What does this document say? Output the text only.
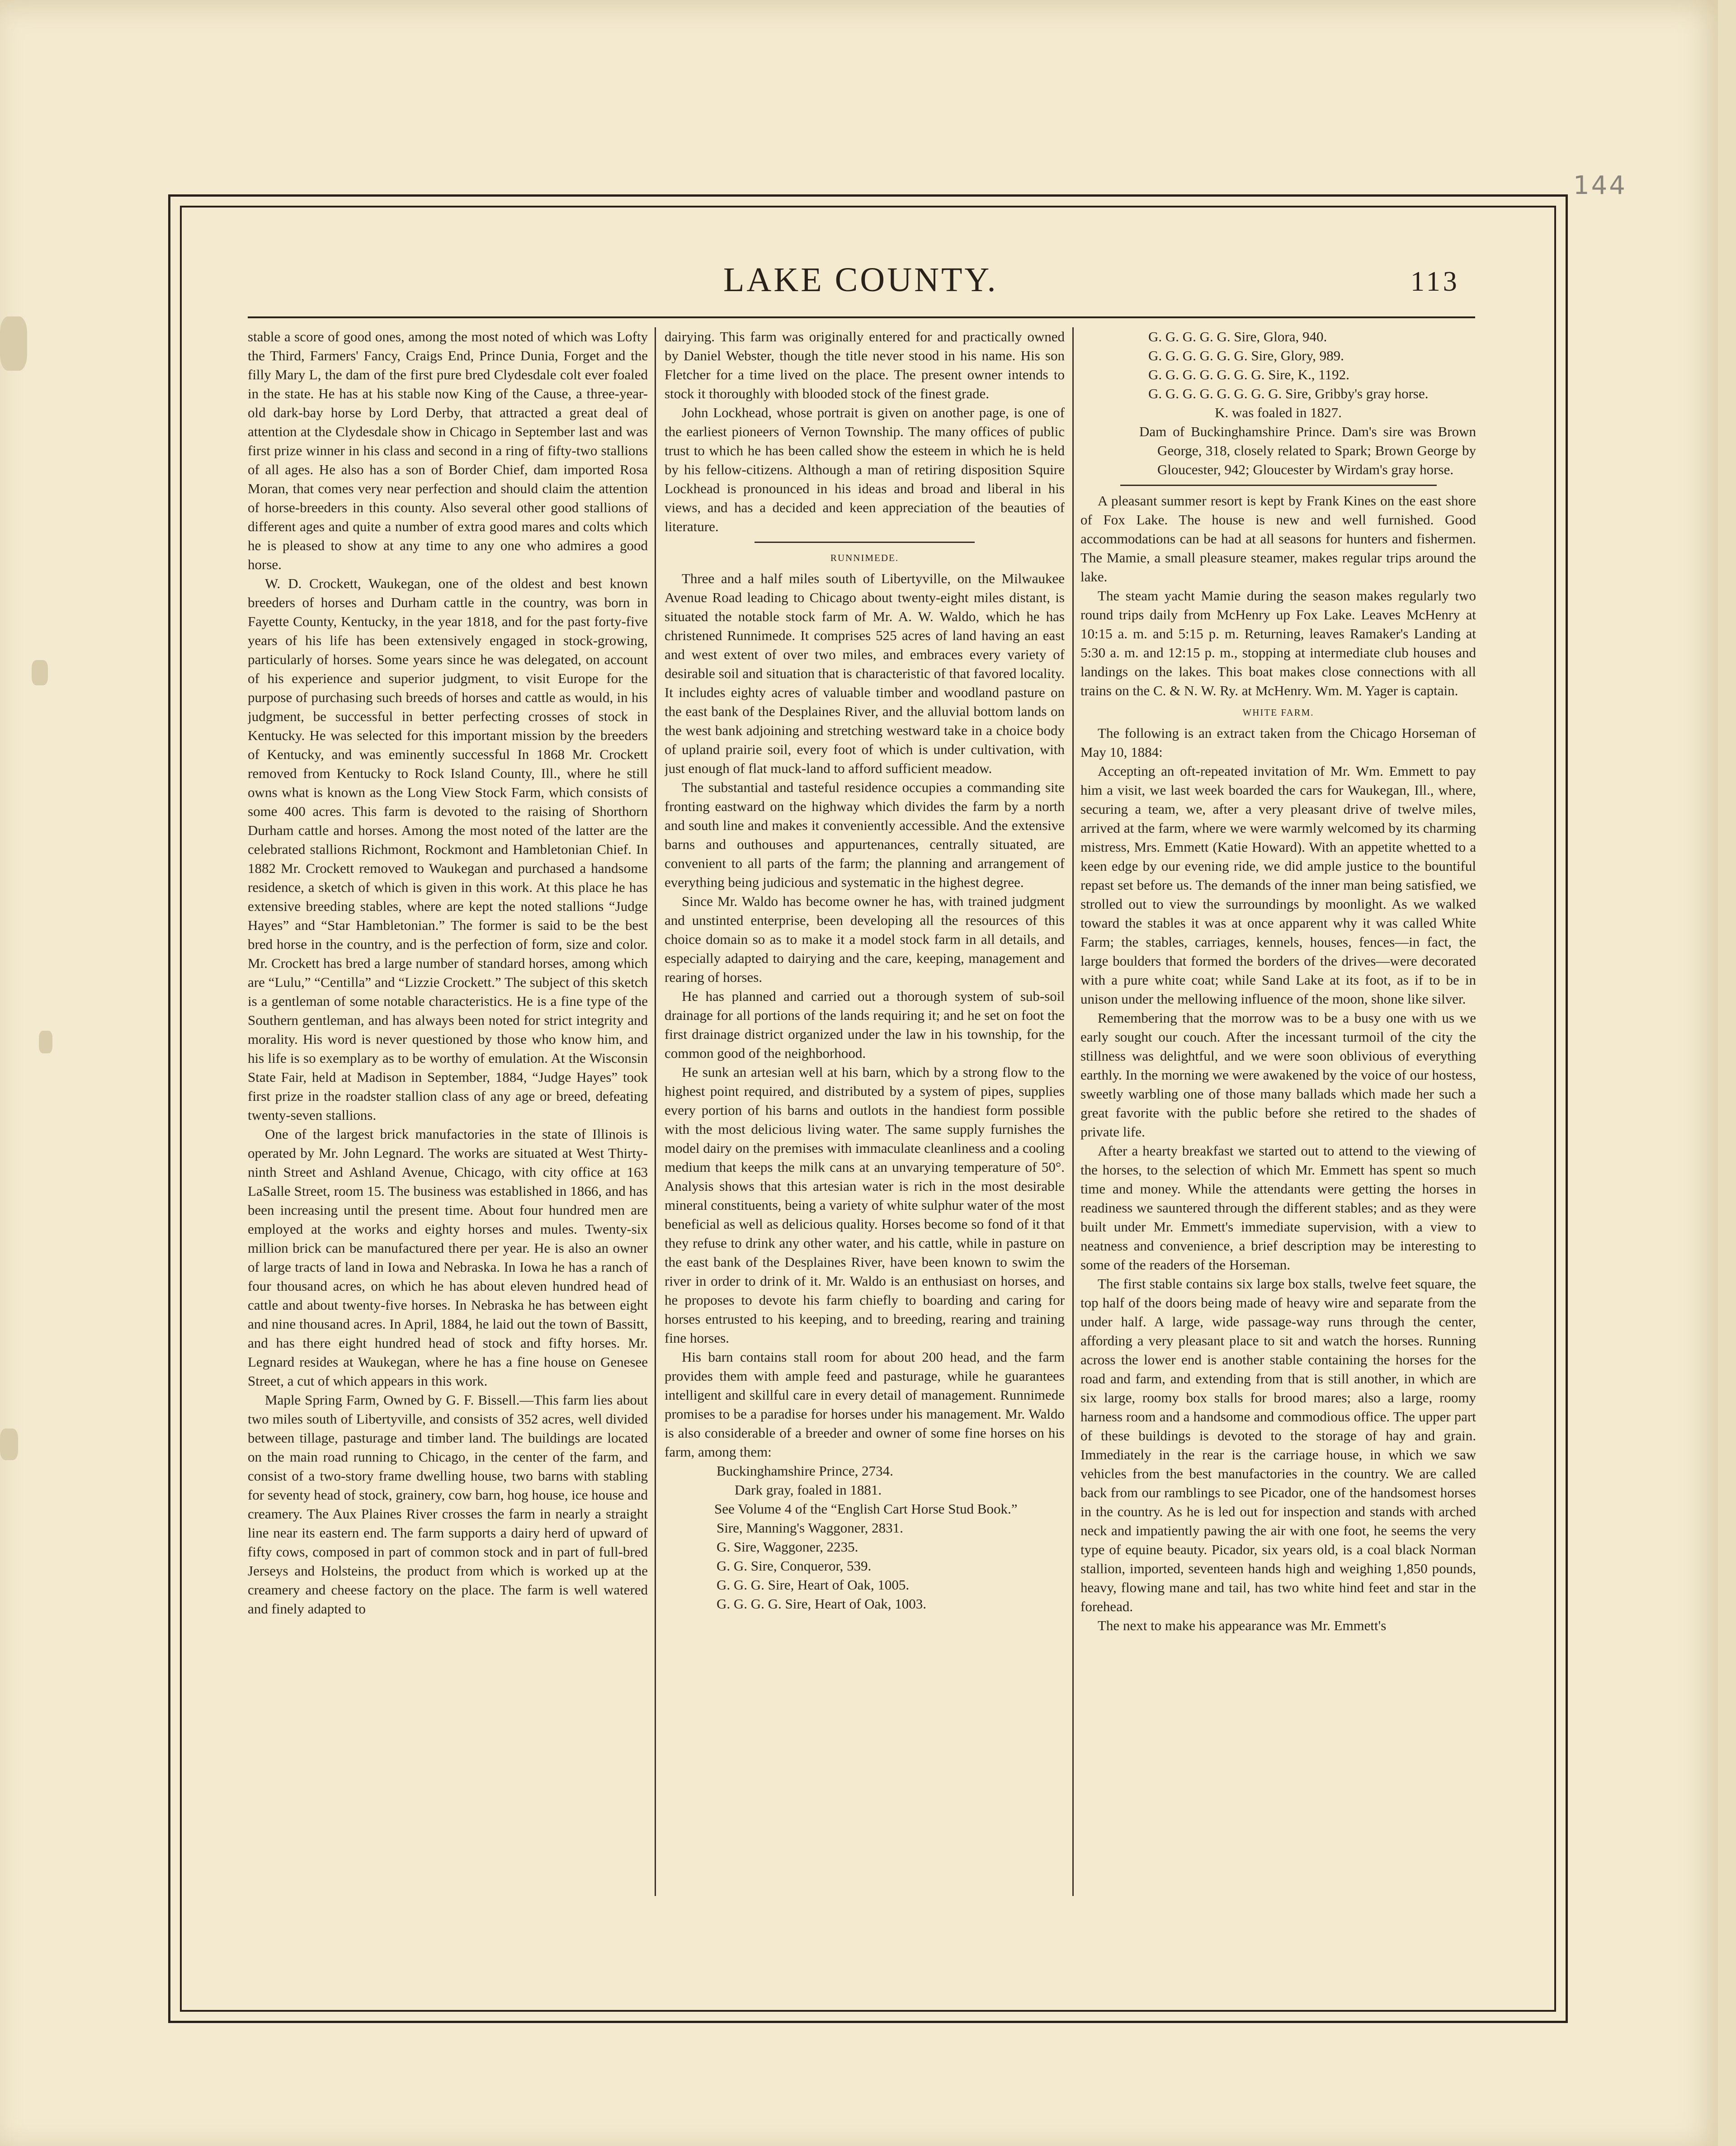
144
LAKE COUNTY.	113

stable a score of good ones, among the most noted of which was Lofty the Third, Farmers' Fancy, Craigs End, Prince Dunia, Forget and the filly Mary L, the dam of the first pure bred Clydesdale colt ever foaled in the state. He has at his stable now King of the Cause, a three-year-old dark-bay horse by Lord Derby, that attracted a great deal of attention at the Clydesdale show in Chicago in September last and was first prize winner in his class and second in a ring of fifty-two stallions of all ages. He also has a son of Border Chief, dam imported Rosa Moran, that comes very near perfection and should claim the attention of horse-breeders in this county. Also several other good stallions of different ages and quite a number of extra good mares and colts which he is pleased to show at any time to any one who admires a good horse.

W. D. Crockett, Waukegan, one of the oldest and best known breeders of horses and Durham cattle in the country, was born in Fayette County, Kentucky, in the year 1818, and for the past forty-five years of his life has been extensively engaged in stock-growing, particularly of horses. Some years since he was delegated, on account of his experience and superior judgment, to visit Europe for the purpose of purchasing such breeds of horses and cattle as would, in his judgment, be successful in better perfecting crosses of stock in Kentucky. He was selected for this important mission by the breeders of Kentucky, and was eminently successful In 1868 Mr. Crockett removed from Kentucky to Rock Island County, Ill., where he still owns what is known as the Long View Stock Farm, which consists of some 400 acres. This farm is devoted to the raising of Shorthorn Durham cattle and horses. Among the most noted of the latter are the celebrated stallions Richmont, Rockmont and Hambletonian Chief. In 1882 Mr. Crockett removed to Waukegan and purchased a handsome residence, a sketch of which is given in this work. At this place he has extensive breeding stables, where are kept the noted stallions “Judge Hayes” and “Star Hambletonian.” The former is said to be the best bred horse in the country, and is the perfection of form, size and color. Mr. Crockett has bred a large number of standard horses, among which are “Lulu,” “Centilla” and “Lizzie Crockett.” The subject of this sketch is a gentleman of some notable characteristics. He is a fine type of the Southern gentleman, and has always been noted for strict integrity and morality. His word is never questioned by those who know him, and his life is so exemplary as to be worthy of emulation. At the Wisconsin State Fair, held at Madison in September, 1884, “Judge Hayes” took first prize in the roadster stallion class of any age or breed, defeating twenty-seven stallions.

One of the largest brick manufactories in the state of Illinois is operated by Mr. John Legnard. The works are situated at West Thirty-ninth Street and Ashland Avenue, Chicago, with city office at 163 LaSalle Street, room 15. The business was established in 1866, and has been increasing until the present time. About four hundred men are employed at the works and eighty horses and mules. Twenty-six million brick can be manufactured there per year. He is also an owner of large tracts of land in Iowa and Nebraska. In Iowa he has a ranch of four thousand acres, on which he has about eleven hundred head of cattle and about twenty-five horses. In Nebraska he has between eight and nine thousand acres. In April, 1884, he laid out the town of Bassitt, and has there eight hundred head of stock and fifty horses. Mr. Legnard resides at Waukegan, where he has a fine house on Genesee Street, a cut of which appears in this work.

Maple Spring Farm, Owned by G. F. Bissell.—This farm lies about two miles south of Libertyville, and consists of 352 acres, well divided between tillage, pasturage and timber land. The buildings are located on the main road running to Chicago, in the center of the farm, and consist of a two-story frame dwelling house, two barns with stabling for seventy head of stock, grainery, cow barn, hog house, ice house and creamery. The Aux Plaines River crosses the farm in nearly a straight line near its eastern end. The farm supports a dairy herd of upward of fifty cows, composed in part of common stock and in part of full-bred Jerseys and Holsteins, the product from which is worked up at the creamery and cheese factory on the place. The farm is well watered and finely adapted to

dairying. This farm was originally entered for and practically owned by Daniel Webster, though the title never stood in his name. His son Fletcher for a time lived on the place. The present owner intends to stock it thoroughly with blooded stock of the finest grade.

John Lockhead, whose portrait is given on another page, is one of the earliest pioneers of Vernon Township. The many offices of public trust to which he has been called show the esteem in which he is held by his fellow-citizens. Although a man of retiring disposition Squire Lockhead is pronounced in his ideas and broad and liberal in his views, and has a decided and keen appreciation of the beauties of literature.

RUNNIMEDE.

Three and a half miles south of Libertyville, on the Milwaukee Avenue Road leading to Chicago about twenty-eight miles distant, is situated the notable stock farm of Mr. A. W. Waldo, which he has christened Runnimede. It comprises 525 acres of land having an east and west extent of over two miles, and embraces every variety of desirable soil and situation that is characteristic of that favored locality. It includes eighty acres of valuable timber and woodland pasture on the east bank of the Desplaines River, and the alluvial bottom lands on the west bank adjoining and stretching westward take in a choice body of upland prairie soil, every foot of which is under cultivation, with just enough of flat muck-land to afford sufficient meadow.

The substantial and tasteful residence occupies a commanding site fronting eastward on the highway which divides the farm by a north and south line and makes it conveniently accessible. And the extensive barns and outhouses and appurtenances, centrally situated, are convenient to all parts of the farm; the planning and arrangement of everything being judicious and systematic in the highest degree.

Since Mr. Waldo has become owner he has, with trained judgment and unstinted enterprise, been developing all the resources of this choice domain so as to make it a model stock farm in all details, and especially adapted to dairying and the care, keeping, management and rearing of horses.

He has planned and carried out a thorough system of sub-soil drainage for all portions of the lands requiring it; and he set on foot the first drainage district organized under the law in his township, for the common good of the neighborhood.

He sunk an artesian well at his barn, which by a strong flow to the highest point required, and distributed by a system of pipes, supplies every portion of his barns and outlots in the handiest form possible with the most delicious living water. The same supply furnishes the model dairy on the premises with immaculate cleanliness and a cooling medium that keeps the milk cans at an unvarying temperature of 50°. Analysis shows that this artesian water is rich in the most desirable mineral constituents, being a variety of white sulphur water of the most beneficial as well as delicious quality. Horses become so fond of it that they refuse to drink any other water, and his cattle, while in pasture on the east bank of the Desplaines River, have been known to swim the river in order to drink of it. Mr. Waldo is an enthusiast on horses, and he proposes to devote his farm chiefly to boarding and caring for horses entrusted to his keeping, and to breeding, rearing and training fine horses.

His barn contains stall room for about 200 head, and the farm provides them with ample feed and pasturage, while he guarantees intelligent and skillful care in every detail of management. Runnimede promises to be a paradise for horses under his management. Mr. Waldo is also considerable of a breeder and owner of some fine horses on his farm, among them:

Buckinghamshire Prince, 2734.

Dark gray, foaled in 1881.

See Volume 4 of the “English Cart Horse Stud Book.”

Sire, Manning's Waggoner, 2831.

G. Sire, Waggoner, 2235.

G. G. Sire, Conqueror, 539.

G. G. G. Sire, Heart of Oak, 1005.

G. G. G. G. Sire, Heart of Oak, 1003.

G. G. G. G. G. Sire, Glora, 940.

G. G. G. G. G. G. Sire, Glory, 989.

G. G. G. G. G. G. G. Sire, K., 1192.

G. G. G. G. G. G. G. G. Sire, Gribby's gray horse.

K. was foaled in 1827.

Dam of Buckinghamshire Prince. Dam's sire was Brown George, 318, closely related to Spark; Brown George by Gloucester, 942; Gloucester by Wirdam's gray horse.

A pleasant summer resort is kept by Frank Kines on the east shore of Fox Lake. The house is new and well furnished. Good accommodations can be had at all seasons for hunters and fishermen. The Mamie, a small pleasure steamer, makes regular trips around the lake.

The steam yacht Mamie during the season makes regularly two round trips daily from McHenry up Fox Lake. Leaves McHenry at 10:15 a. m. and 5:15 p. m. Returning, leaves Ramaker's Landing at 5:30 a. m. and 12:15 p. m., stopping at intermediate club houses and landings on the lakes. This boat makes close connections with all trains on the C. & N. W. Ry. at McHenry. Wm. M. Yager is captain.

WHITE FARM.

The following is an extract taken from the Chicago Horseman of May 10, 1884:

Accepting an oft-repeated invitation of Mr. Wm. Emmett to pay him a visit, we last week boarded the cars for Waukegan, Ill., where, securing a team, we, after a very pleasant drive of twelve miles, arrived at the farm, where we were warmly welcomed by its charming mistress, Mrs. Emmett (Katie Howard). With an appetite whetted to a keen edge by our evening ride, we did ample justice to the bountiful repast set before us. The demands of the inner man being satisfied, we strolled out to view the surroundings by moonlight. As we walked toward the stables it was at once apparent why it was called White Farm; the stables, carriages, kennels, houses, fences—in fact, the large boulders that formed the borders of the drives—were decorated with a pure white coat; while Sand Lake at its foot, as if to be in unison under the mellowing influence of the moon, shone like silver.

Remembering that the morrow was to be a busy one with us we early sought our couch. After the incessant turmoil of the city the stillness was delightful, and we were soon oblivious of everything earthly. In the morning we were awakened by the voice of our hostess, sweetly warbling one of those many ballads which made her such a great favorite with the public before she retired to the shades of private life.

After a hearty breakfast we started out to attend to the viewing of the horses, to the selection of which Mr. Emmett has spent so much time and money. While the attendants were getting the horses in readiness we sauntered through the different stables; and as they were built under Mr. Emmett's immediate supervision, with a view to neatness and convenience, a brief description may be interesting to some of the readers of the Horseman.

The first stable contains six large box stalls, twelve feet square, the top half of the doors being made of heavy wire and separate from the under half. A large, wide passage-way runs through the center, affording a very pleasant place to sit and watch the horses. Running across the lower end is another stable containing the horses for the road and farm, and extending from that is still another, in which are six large, roomy box stalls for brood mares; also a large, roomy harness room and a handsome and commodious office. The upper part of these buildings is devoted to the storage of hay and grain. Immediately in the rear is the carriage house, in which we saw vehicles from the best manufactories in the country. We are called back from our ramblings to see Picador, one of the handsomest horses in the country. As he is led out for inspection and stands with arched neck and impatiently pawing the air with one foot, he seems the very type of equine beauty. Picador, six years old, is a coal black Norman stallion, imported, seventeen hands high and weighing 1,850 pounds, heavy, flowing mane and tail, has two white hind feet and star in the forehead.

The next to make his appearance was Mr. Emmett's
